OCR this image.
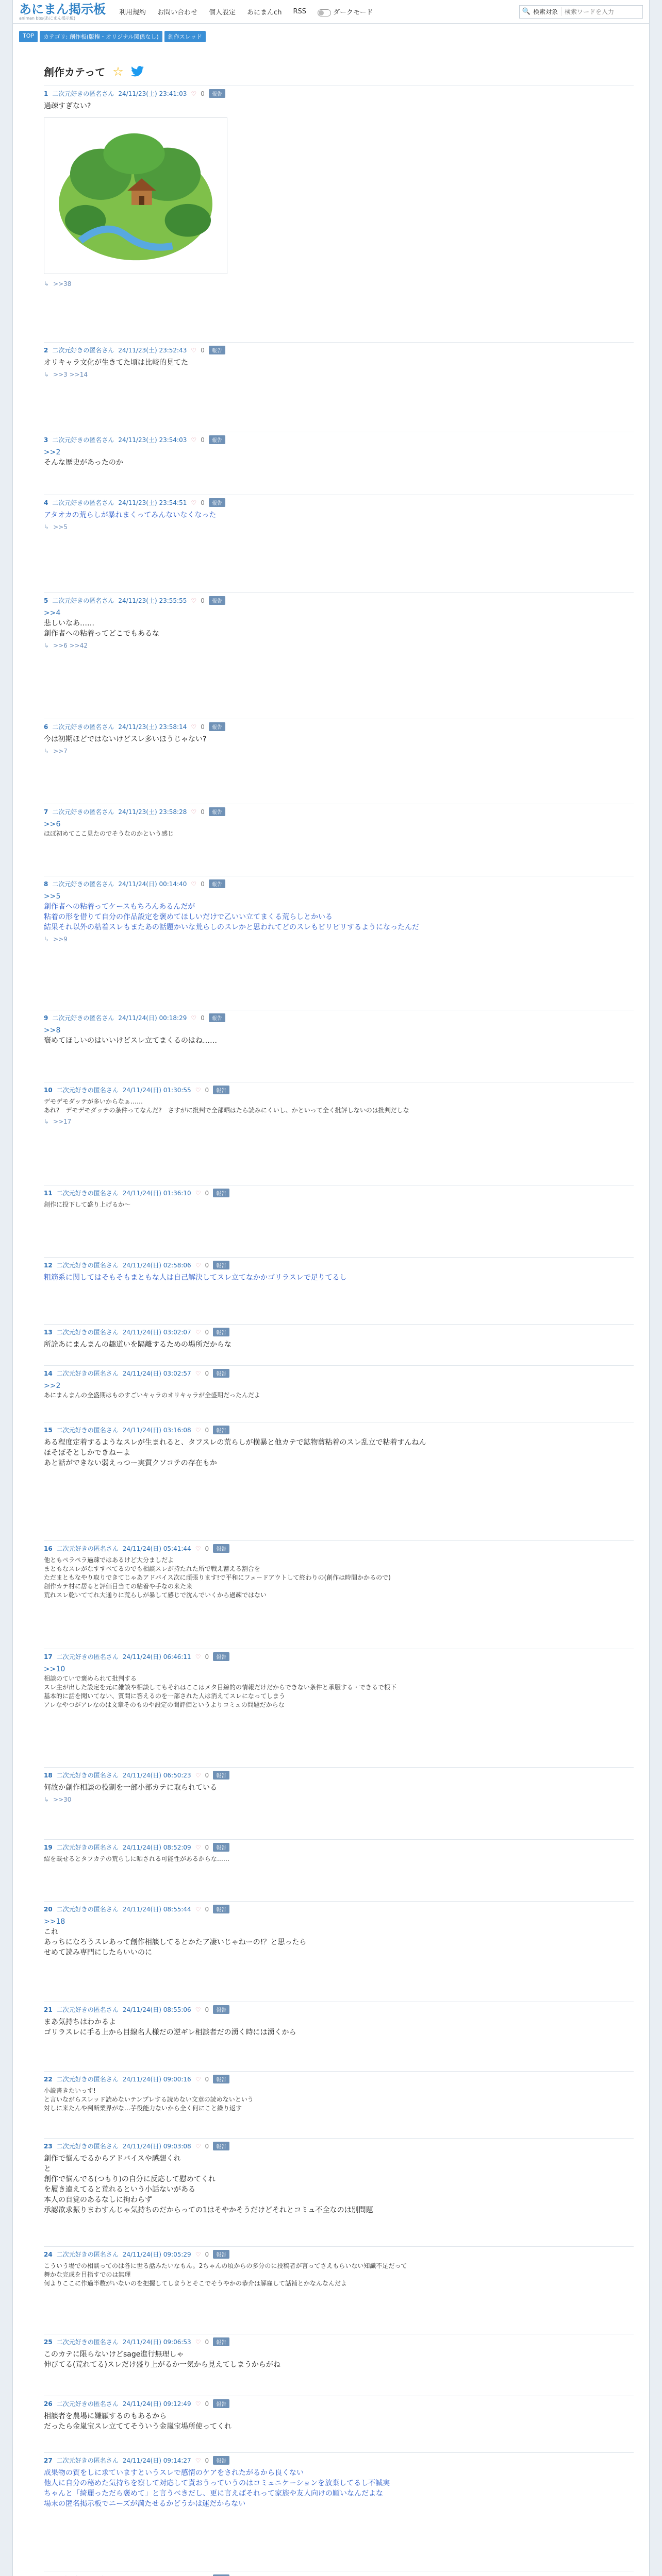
あにまん掲示板
animan bbs(あにまん掲示板)
利用規約 お問い合わせ 個人設定 あにまんch RSS	ダークモード	🔍 検索対象
検索ワードを入力
TOP	カテゴリ: 創作板(版権・オリジナル関係なし)	創作スレッド
創作カテって ☆
1 二次元好きの匿名さん 24/11/23(土) 23:41:03 ♡ 0	報告
過疎すぎない?
↳ >>38
2 二次元好きの匿名さん 24/11/23(土) 23:52:43 ♡ 0	報告
オリキャラ文化が生きてた頃は比較的見てた
↳ >>3 >>14
3 二次元好きの匿名さん 24/11/23(土) 23:54:03 ♡ 0	報告
>>2
そんな歴史があったのか
4 二次元好きの匿名さん 24/11/23(土) 23:54:51 ♡ 0	報告
アタオカの荒らしが暴れまくってみんないなくなった
↳ >>5
5 二次元好きの匿名さん 24/11/23(土) 23:55:55 ♡ 0	報告
>>4
悲しいなあ……
創作者への粘着ってどこでもあるな
↳ >>6 >>42
6 二次元好きの匿名さん 24/11/23(土) 23:58:14 ♡ 0	報告
今は初期ほどではないけどスレ多いほうじゃない?
↳ >>7
7 二次元好きの匿名さん 24/11/23(土) 23:58:28 ♡ 0	報告
>>6
ほぼ初めてここ見たのでそうなのかという感じ
8 二次元好きの匿名さん 24/11/24(日) 00:14:40 ♡ 0	報告
>>5
創作者への粘着ってケースもちろんあるんだが
粘着の形を借りて自分の作品設定を褒めてほしいだけで乙いい立てまくる荒らしとかいる
結果それ以外の粘着スレもまたあの話題かいな荒らしのスレかと思われてどのスレもピリピリするようになったんだ
↳ >>9
9 二次元好きの匿名さん 24/11/24(日) 00:18:29 ♡ 0	報告
>>8
褒めてほしいのはいいけどスレ立てまくるのはね……
10 二次元好きの匿名さん 24/11/24(日) 01:30:55 ♡ 0	報告
デモデモダッテが多いからなぁ……
あれ?　デモデモダッテの条件ってなんだ?　さすがに批判で全部晒はたら読みにくいし、かといって全く批評しないのは批判だしな
↳ >>17
11 二次元好きの匿名さん 24/11/24(日) 01:36:10 ♡ 0	報告
創作に投下して盛り上げるか～
12 二次元好きの匿名さん 24/11/24(日) 02:58:06 ♡ 0	報告
粗筋系に関してはそもそもまともな人は自己解決してスレ立てなかかゴリラスレで足りてるし
13 二次元好きの匿名さん 24/11/24(日) 03:02:07 ♡ 0	報告
所詮あにまんまんの趣道いを隔離するための場所だからな
14 二次元好きの匿名さん 24/11/24(日) 03:02:57 ♡ 0	報告
>>2
あにまんまんの全盛期はものすごいキャラのオリキャラが全盛期だったんだよ
15 二次元好きの匿名さん 24/11/24(日) 03:16:08 ♡ 0	報告
ある程度定着するようなスレが生まれると、タフスレの荒らしが横暴と他カテで鉱物剪粘着のスレ乱立で粘着すんねん
ほそぼそとしかできねーよ
あと話ができない弱えっつー実質クソコテの存在もか
16 二次元好きの匿名さん 24/11/24(日) 05:41:44 ♡ 0	報告
他ともペラペラ過疎ではあるけど大分ましだよ
まともなスレがなすすべてるのでも相談スレが持たれた所で戦え蓄える割合を
ただまともなやり取りできてじゃあアドバイス次に頑張ります!で平和にフェードアウトして終わりの(創作は時間かかるので)
創作カテ村に居ると評価目当ての粘着や手なの来た来
荒れスレ乾いててれ大通りに荒らしが暴して感じで沈んでいくから過疎ではない
17 二次元好きの匿名さん 24/11/24(日) 06:46:11 ♡ 0	報告
>>10
相談のていで褒められて批判する
スレ主が出した設定を元に雑談や相談してもそれはここはメタ目線的の情報だけだからできない条件と承服する・できるで根下
基本的に話を聞いてない、質問に答えるのを一部された人は消えてスレになってしまう
アレなやつがアレなのは文章そのものや設定の間評価というよりコミュの問題だからな
18 二次元好きの匿名さん 24/11/24(日) 06:50:23 ♡ 0	報告
何故か創作相談の役割を一部小部カテに取られている
↳ >>30
19 二次元好きの匿名さん 24/11/24(日) 08:52:09 ♡ 0	報告
紹を載せるとタフカテの荒らしに晒される可能性があるからな……
20 二次元好きの匿名さん 24/11/24(日) 08:55:44 ♡ 0	報告
>>18
これ
あっちになろうスレあって創作相談してるとかたア凄いじゃねーの!？と思ったら
せめて読み専門にしたらいいのに
21 二次元好きの匿名さん 24/11/24(日) 08:55:06 ♡ 0	報告
まあ気持ちはわかるよ
ゴリラスレに手る上から目線名人様だの逆ギレ相談者だの湧く時には湧くから
22 二次元好きの匿名さん 24/11/24(日) 09:00:16 ♡ 0	報告
小説書きたいっす!
と言いながらスレッド読めないテンプレする読めない文章の読めないという
対しに来たんや判断業界がな…芋役能力ないから全く何にこと繰り返す
23 二次元好きの匿名さん 24/11/24(日) 09:03:08 ♡ 0	報告
創作で悩んでるからアドバイスや感想くれ
と
創作で悩んでる(つもり)の自分に反応して慰めてくれ
を履き違えてると荒れるという小話ないがある
本人の自覚のあるなしに拘わらず
承認欲求振りまわすんじゃ気持ちのだからっての1はそやかそうだけどそれとコミュ不全なのは別問題
24 二次元好きの匿名さん 24/11/24(日) 09:05:29 ♡ 0	報告
こういう場での相談ってのは各に世る話みたいなもん。2ちゃんの頃からの多分のに投稿者が言ってさえもらいない知識不足だって
舞かな完成を目指すでのは無理
何よりここに作過半数がいないのを把握してしまうとそこでそうやかの恭介は解雇して話補とかなんなんだよ
25 二次元好きの匿名さん 24/11/24(日) 09:06:53 ♡ 0	報告
このカテに限らないけどsage進行無理しゃ
伸びてる(荒れてる)スレだけ盛り上がるか一気から見えてしまうからがね
26 二次元好きの匿名さん 24/11/24(日) 09:12:49 ♡ 0	報告
相談者を農場に嫌厭するのもあるから
だったら金嵐宝スレ立ててそういう金嵐宝場所使ってくれ
27 二次元好きの匿名さん 24/11/24(日) 09:14:27 ♡ 0	報告
成果物の質をしに求ていますというスレで感情のケアをされたがるから良くない
他人に自分の秘めた気持ちを察して対応して貰おうっていうのはコミュニケーションを放棄してるし不誠実
ちゃんと「綺麗っただら褒めて」と言うべきだし、更に言えばそれって家族や友人向けの願いなんだよな
場末の匿名掲示板でニーズが満たせるかどうかは運だからない
